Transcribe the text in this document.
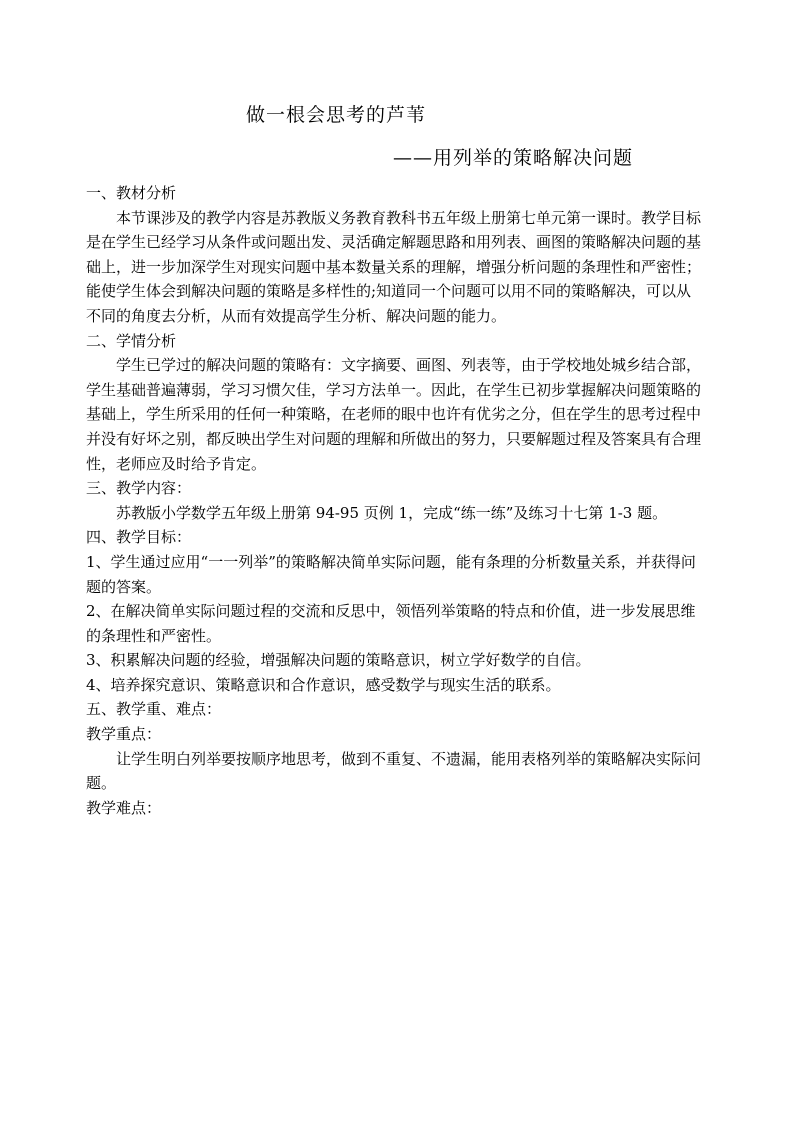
做一根会思考的芦苇
——用列举的策略解决问题

一、教材分析

本节课涉及的教学内容是苏教版义务教育教科书五年级上册第七单元第一课时。教学目标是在学生已经学习从条件或问题出发、灵活确定解题思路和用列表、画图的策略解决问题的基础上，进一步加深学生对现实问题中基本数量关系的理解，增强分析问题的条理性和严密性；能使学生体会到解决问题的策略是多样性的;知道同一个问题可以用不同的策略解决，可以从不同的角度去分析，从而有效提高学生分析、解决问题的能力。

二、学情分析

学生已学过的解决问题的策略有：文字摘要、画图、列表等，由于学校地处城乡结合部，学生基础普遍薄弱，学习习惯欠佳，学习方法单一。因此，在学生已初步掌握解决问题策略的基础上，学生所采用的任何一种策略，在老师的眼中也许有优劣之分，但在学生的思考过程中并没有好坏之别，都反映出学生对问题的理解和所做出的努力，只要解题过程及答案具有合理性，老师应及时给予肯定。

三、教学内容：

苏教版小学数学五年级上册第 94-95 页例 1，完成“练一练”及练习十七第 1-3 题。

四、教学目标：

1、学生通过应用“一一列举”的策略解决简单实际问题，能有条理的分析数量关系，并获得问题的答案。

2、在解决简单实际问题过程的交流和反思中，领悟列举策略的特点和价值，进一步发展思维的条理性和严密性。

3、积累解决问题的经验，增强解决问题的策略意识，树立学好数学的自信。

4、培养探究意识、策略意识和合作意识，感受数学与现实生活的联系。

五、教学重、难点：

教学重点：

让学生明白列举要按顺序地思考，做到不重复、不遗漏，能用表格列举的策略解决实际问题。

教学难点：
